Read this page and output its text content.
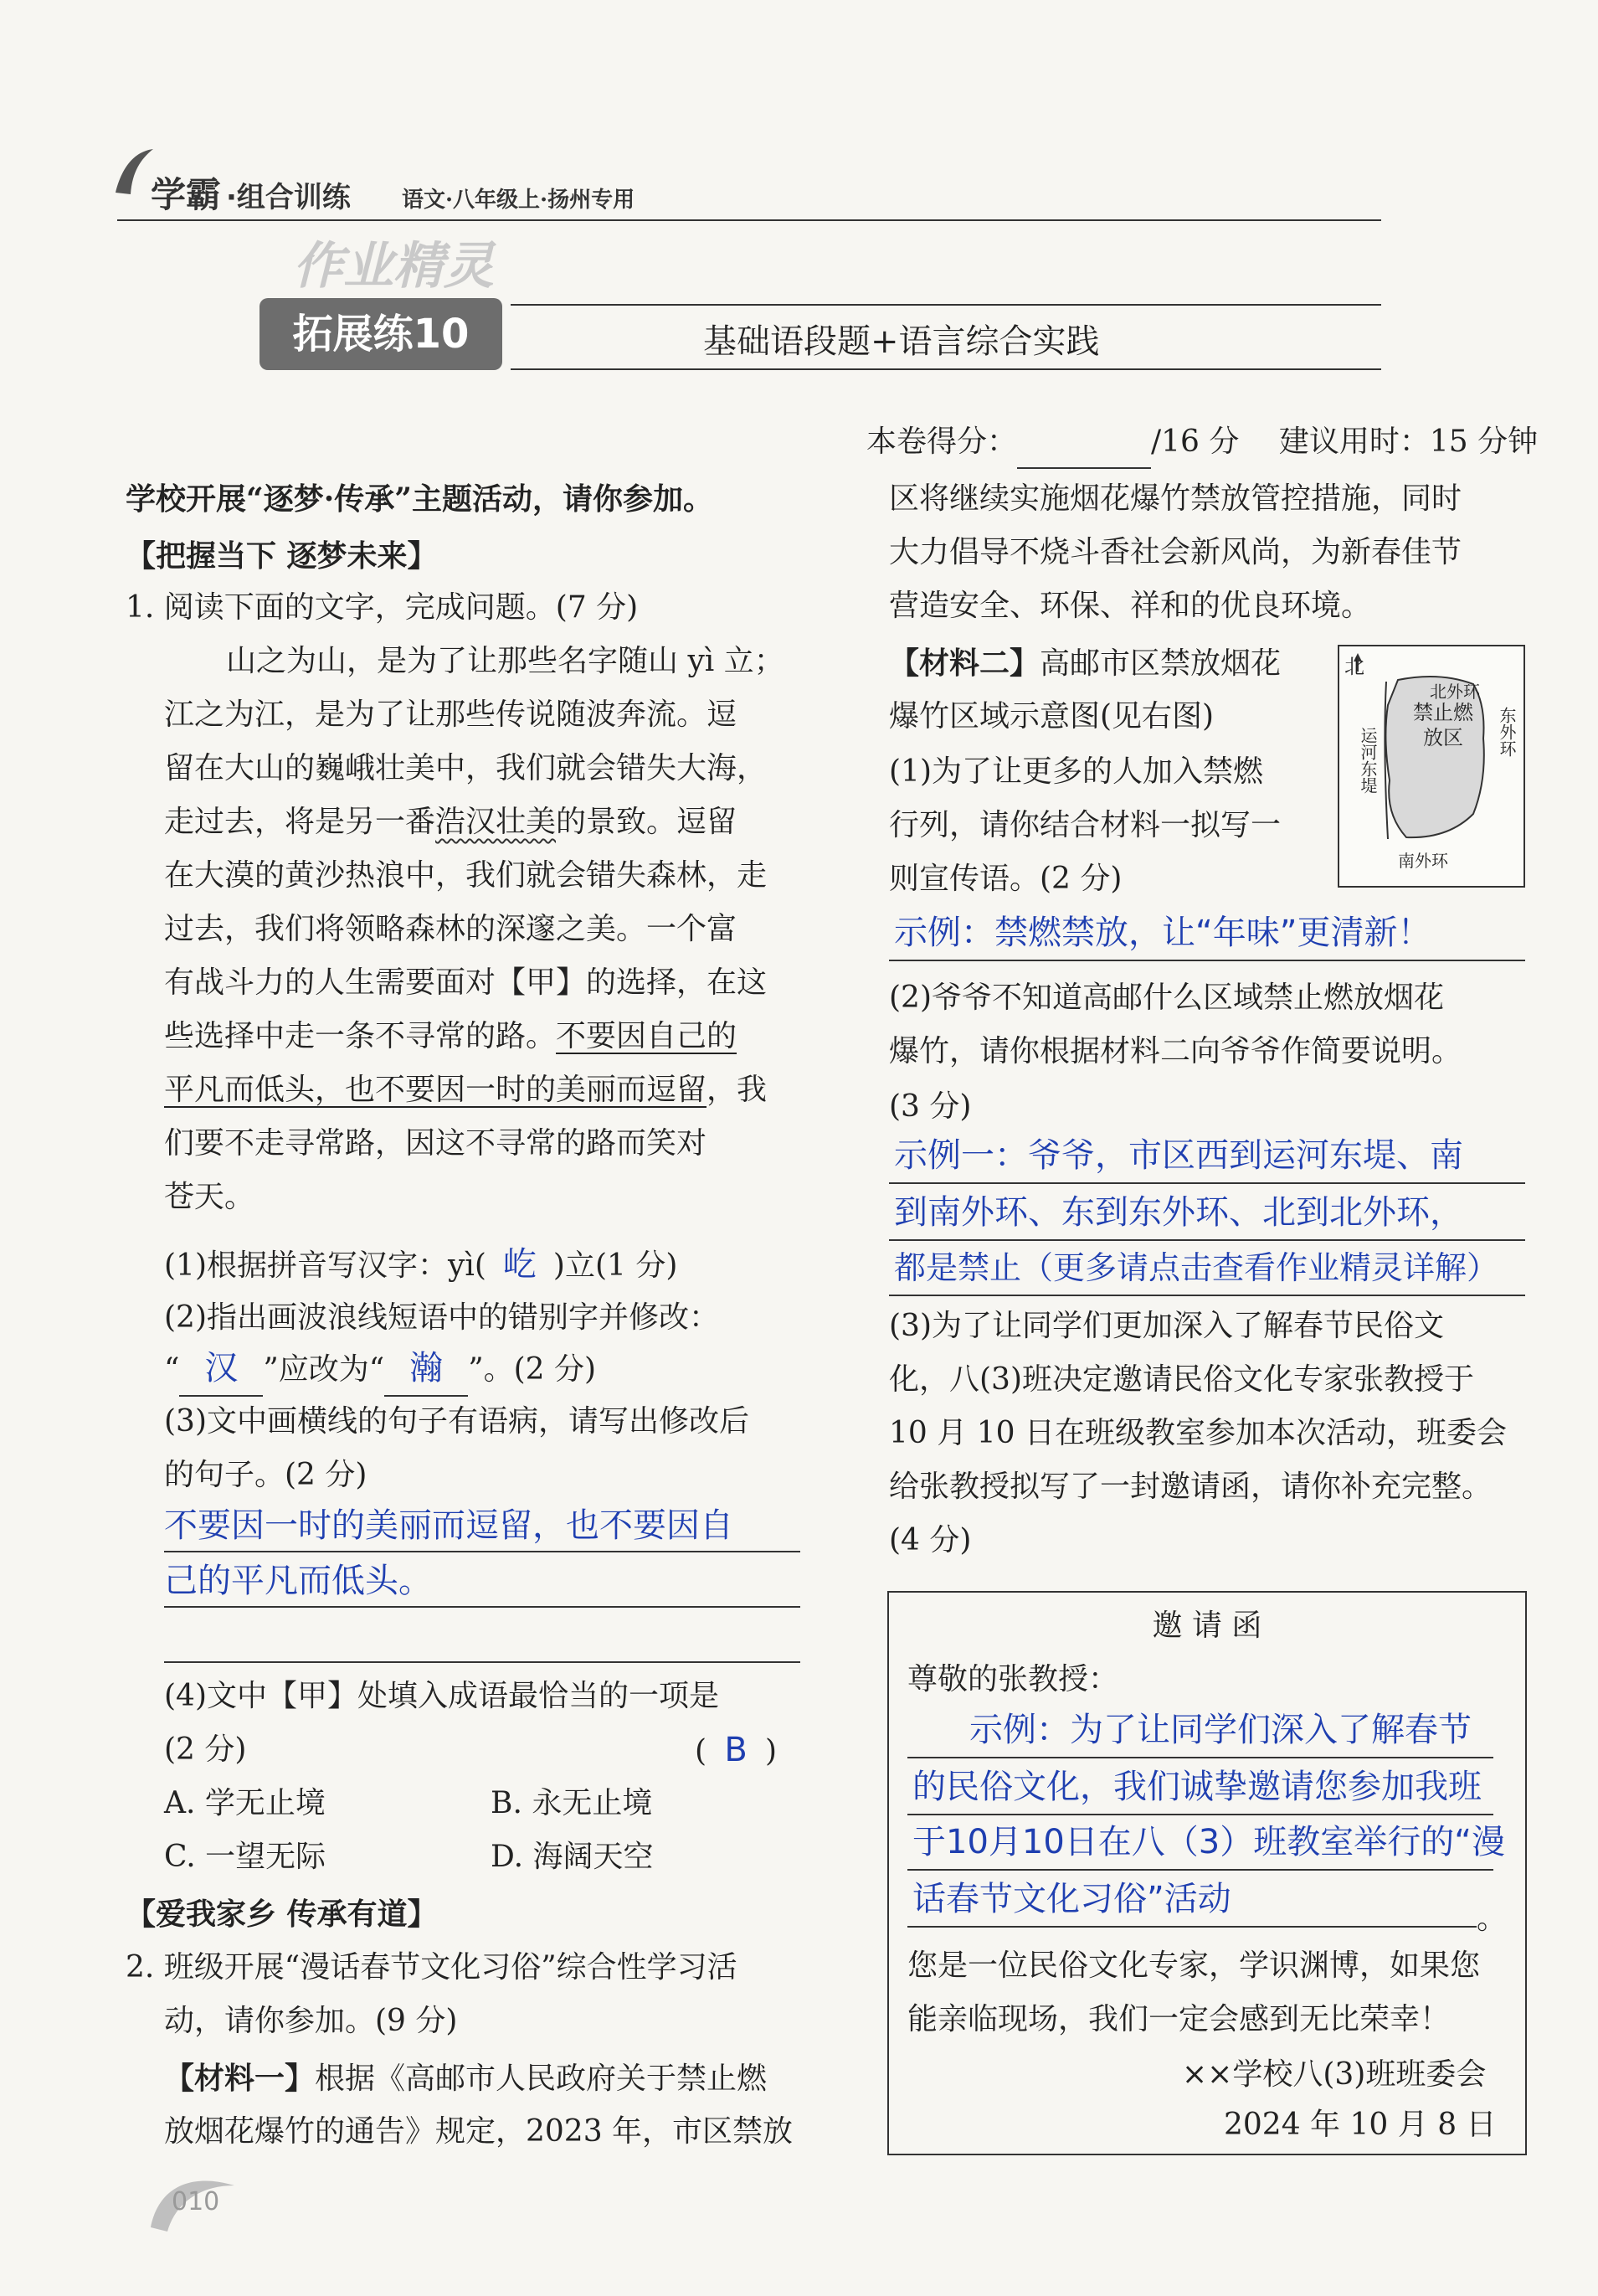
学霸 ·组合训练 语文·八年级上·扬州专用
作业精灵
拓展练10	基础语段题+语言综合实践
本卷得分：	/16 分 建议用时：15 分钟
学校开展“逐梦·传承”主题活动，请你参加。
【把握当下 逐梦未来】
1. 阅读下面的文字，完成问题。(7 分)
山之为山，是为了让那些名字随山 yì 立；
江之为江，是为了让那些传说随波奔流。逗
留在大山的巍峨壮美中，我们就会错失大海，
走过去，将是另一番浩汉壮美的景致。逗留
在大漠的黄沙热浪中，我们就会错失森林，走
过去，我们将领略森林的深邃之美。一个富
有战斗力的人生需要面对【甲】的选择，在这
些选择中走一条不寻常的路。不要因自己的
平凡而低头，也不要因一时的美丽而逗留，我
们要不走寻常路，因这不寻常的路而笑对
苍天。
(1)根据拼音写汉字：yì( 屹 )立(1 分)
(2)指出画波浪线短语中的错别字并修改：
“ 汉 ”应改为“ 瀚 ”。(2 分)
(3)文中画横线的句子有语病，请写出修改后
的句子。(2 分)
不要因一时的美丽而逗留，也不要因自
己的平凡而低头。
(4)文中【甲】处填入成语最恰当的一项是
(2 分)	( B )
A. 学无止境	B. 永无止境
C. 一望无际	D. 海阔天空
【爱我家乡 传承有道】
2. 班级开展“漫话春节文化习俗”综合性学习活
动，请你参加。(9 分)
【材料一】根据《高邮市人民政府关于禁止燃
放烟花爆竹的通告》规定，2023 年，市区禁放
010
区将继续实施烟花爆竹禁放管控措施，同时
大力倡导不烧斗香社会新风尚，为新春佳节
营造安全、环保、祥和的优良环境。
【材料二】高邮市区禁放烟花
爆竹区域示意图(见右图)
(1)为了让更多的人加入禁燃
行列，请你结合材料一拟写一
则宣传语。(2 分)
北
北外环
东外环
运河东堤
禁止燃放区
南外环
示例：禁燃禁放，让“年味”更清新！
(2)爷爷不知道高邮什么区域禁止燃放烟花
爆竹，请你根据材料二向爷爷作简要说明。
(3 分)
示例一：爷爷，市区西到运河东堤、南
到南外环、东到东外环、北到北外环，
都是禁止（更多请点击查看作业精灵详解）
(3)为了让同学们更加深入了解春节民俗文
化，八(3)班决定邀请民俗文化专家张教授于
10 月 10 日在班级教室参加本次活动，班委会
给张教授拟写了一封邀请函，请你补充完整。
(4 分)
邀 请 函
尊敬的张教授：
示例：为了让同学们深入了解春节
的民俗文化，我们诚挚邀请您参加我班
于10月10日在八（3）班教室举行的“漫
话春节文化习俗”活动
。
您是一位民俗文化专家，学识渊博，如果您
能亲临现场，我们一定会感到无比荣幸！
××学校八(3)班班委会
2024 年 10 月 8 日
